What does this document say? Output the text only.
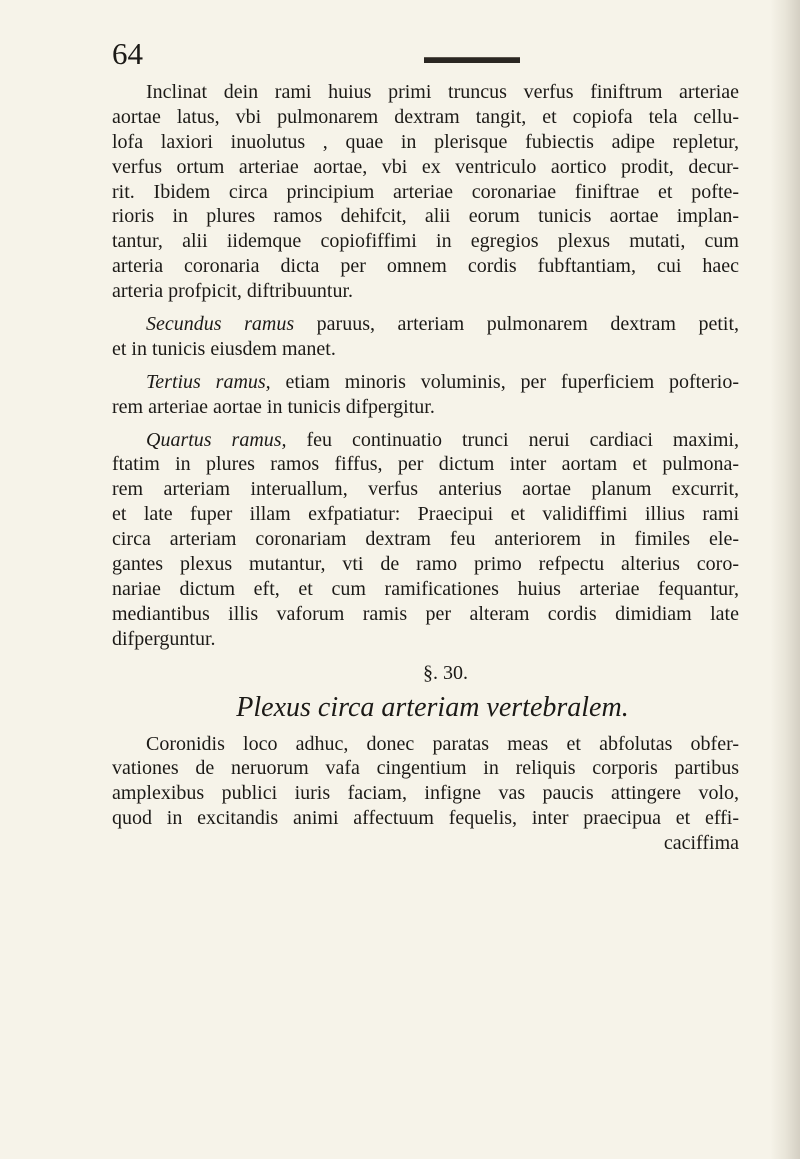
64
Inclinat dein rami huius primi truncus verfus finiftrum arteriae
aortae latus, vbi pulmonarem dextram tangit, et copiofa tela cellu-
lofa laxiori inuolutus , quae in plerisque fubiectis adipe repletur,
verfus ortum arteriae aortae, vbi ex ventriculo aortico prodit, decur-
rit. Ibidem circa principium arteriae coronariae finiftrae et pofte-
rioris in plures ramos dehifcit, alii eorum tunicis aortae implan-
tantur, alii iidemque copiofiffimi in egregios plexus mutati, cum
arteria coronaria dicta per omnem cordis fubftantiam, cui haec
arteria profpicit, diftribuuntur.
Secundus ramus paruus, arteriam pulmonarem dextram petit,
et in tunicis eiusdem manet.
Tertius ramus, etiam minoris voluminis, per fuperficiem pofterio-
rem arteriae aortae in tunicis difpergitur.
Quartus ramus, feu continuatio trunci nerui cardiaci maximi,
ftatim in plures ramos fiffus, per dictum inter aortam et pulmona-
rem arteriam interuallum, verfus anterius aortae planum excurrit,
et late fuper illam exfpatiatur: Praecipui et validiffimi illius rami
circa arteriam coronariam dextram feu anteriorem in fimiles ele-
gantes plexus mutantur, vti de ramo primo refpectu alterius coro-
nariae dictum eft, et cum ramificationes huius arteriae fequantur,
mediantibus illis vaforum ramis per alteram cordis dimidiam late
difperguntur.
§. 30.
Plexus circa arteriam vertebralem.
Coronidis loco adhuc, donec paratas meas et abfolutas obfer-
vationes de neruorum vafa cingentium in reliquis corporis partibus
amplexibus publici iuris faciam, infigne vas paucis attingere volo,
quod in excitandis animi affectuum fequelis, inter praecipua et effi-
caciffima
